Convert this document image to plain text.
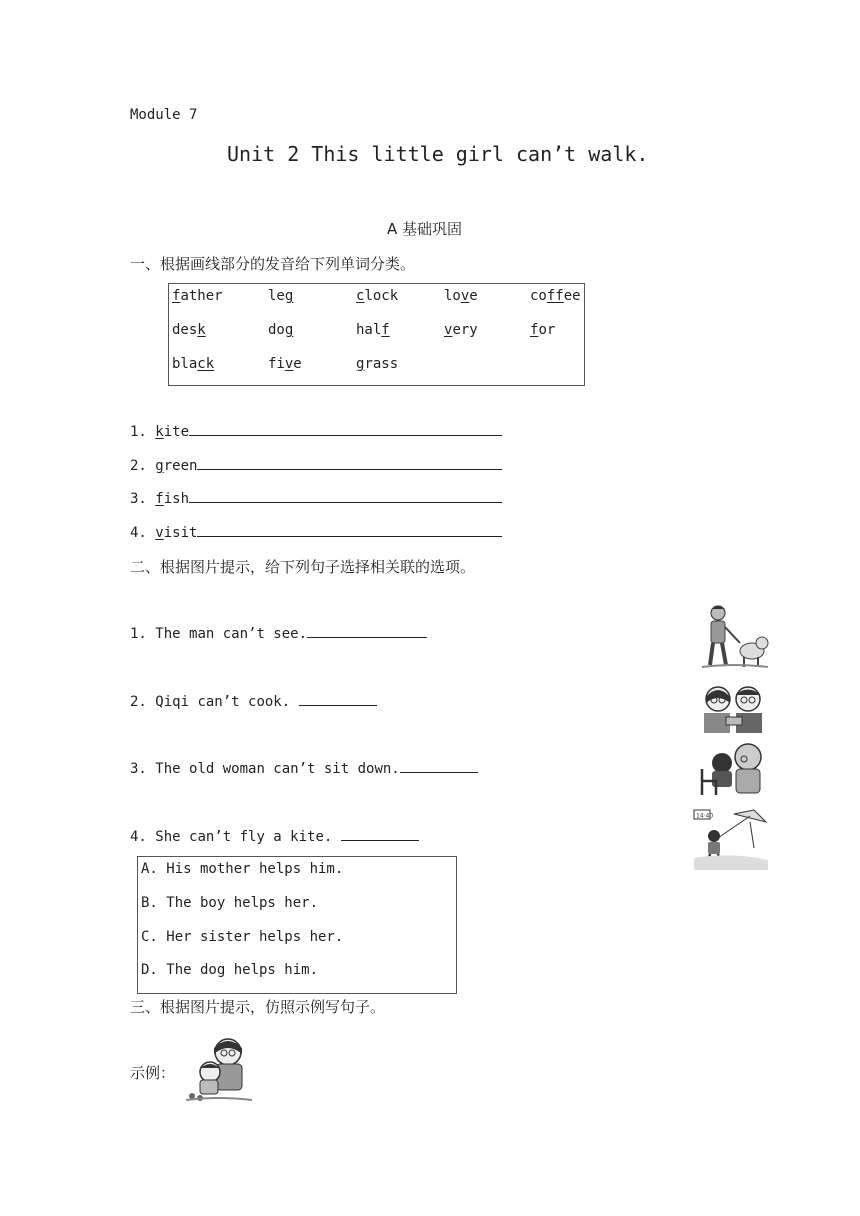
Module 7
Unit 2 This little girl can’t walk.
A 基础巩固
一、根据画线部分的发音给下列单词分类。
father	leg	clock	love	coffee
desk	dog	half	very	for
black	five	grass
1. kite
2. green
3. fish
4. visit
二、根据图片提示，给下列句子选择相关联的选项。
1. The man can’t see.
2. Qiqi can’t cook.
3. The old woman can’t sit down.
4. She can’t fly a kite.
A. His mother helps him.
B. The boy helps her.
C. Her sister helps her.
D. The dog helps him.
14·40
三、根据图片提示，仿照示例写句子。
示例：
